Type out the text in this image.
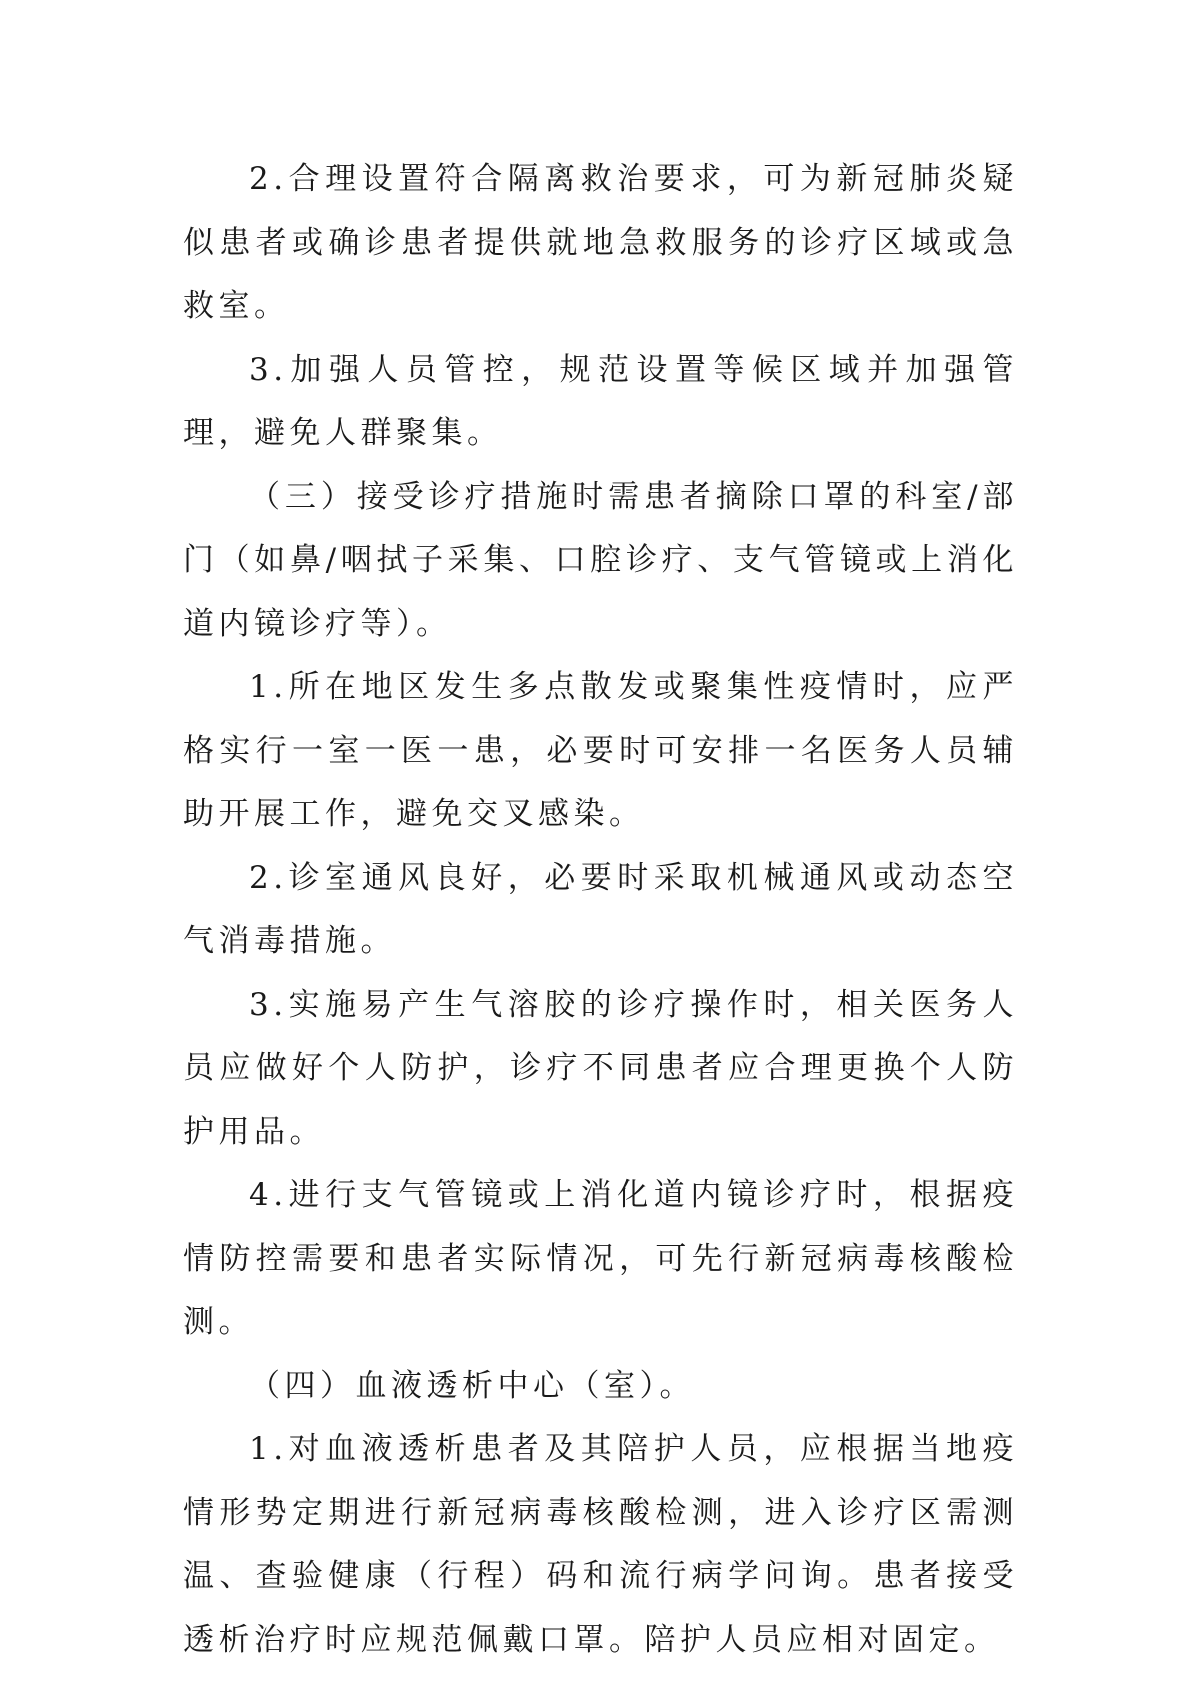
2.合理设置符合隔离救治要求，可为新冠肺炎疑似患者或确诊患者提供就地急救服务的诊疗区域或急救室。

3.加强人员管控，规范设置等候区域并加强管理，避免人群聚集。

（三）接受诊疗措施时需患者摘除口罩的科室/部门（如鼻/咽拭子采集、口腔诊疗、支气管镜或上消化道内镜诊疗等）。

1.所在地区发生多点散发或聚集性疫情时，应严格实行一室一医一患，必要时可安排一名医务人员辅助开展工作，避免交叉感染。

2.诊室通风良好，必要时采取机械通风或动态空气消毒措施。

3.实施易产生气溶胶的诊疗操作时，相关医务人员应做好个人防护，诊疗不同患者应合理更换个人防护用品。

4.进行支气管镜或上消化道内镜诊疗时，根据疫情防控需要和患者实际情况，可先行新冠病毒核酸检测。

（四）血液透析中心（室）。

1.对血液透析患者及其陪护人员，应根据当地疫情形势定期进行新冠病毒核酸检测，进入诊疗区需测温、查验健康（行程）码和流行病学问询。患者接受透析治疗时应规范佩戴口罩。陪护人员应相对固定。
